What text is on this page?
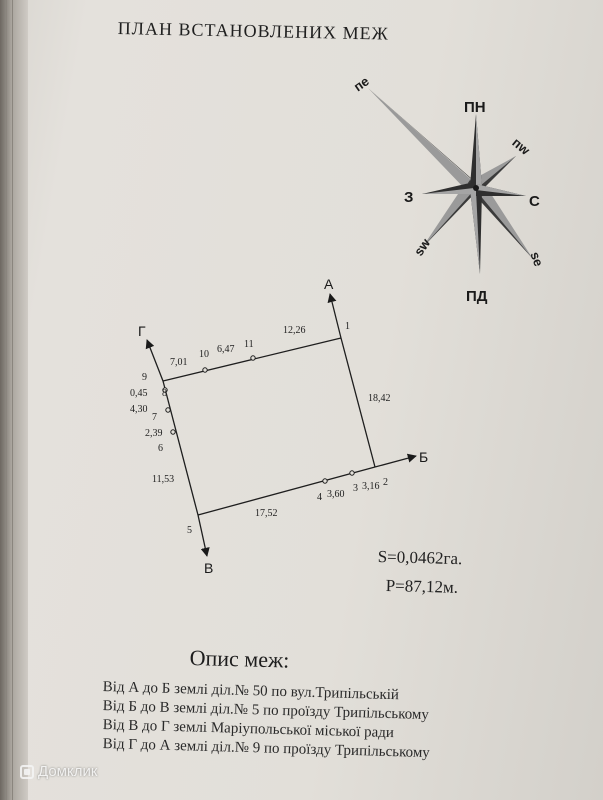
ПЛАН ВСТАНОВЛЕНИХ МЕЖ
ПН
ПД
З	С
пе
пw
sw
se
А
Б
В
Г	1
2
3
4
5
6
7
8
9
10
11
12,26
6,47
7,01
0,45
4,30
2,39
11,53
17,52
3,60
3,16
18,42
S=0,0462га.
P=87,12м.
Опис меж:
Від А до Б землі діл.№ 50 по вул.Трипільській
Від Б до В землі діл.№ 5 по проїзду Трипільському
Від В до Г землі Маріупольської міської ради
Від Г до А землі діл.№ 9 по проїзду Трипільському
Домклик
